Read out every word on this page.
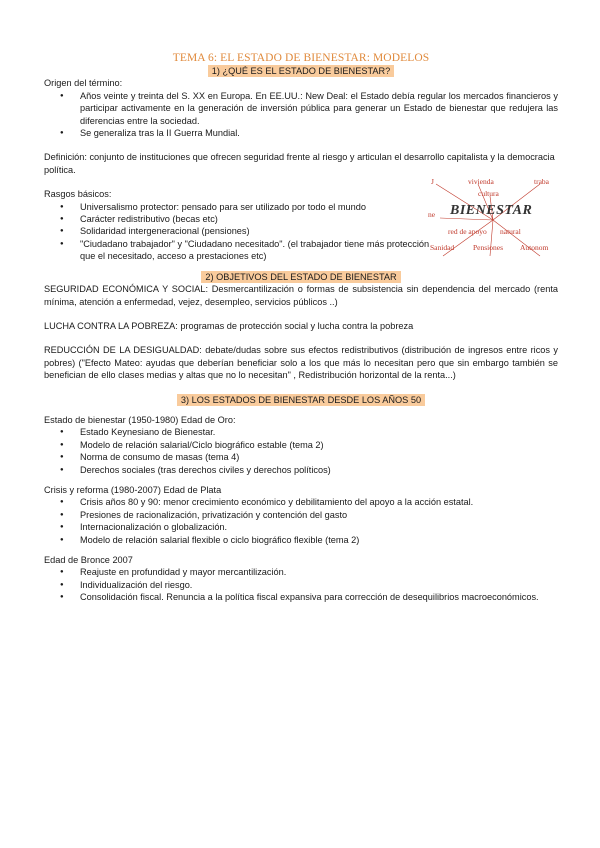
TEMA 6: EL ESTADO DE BIENESTAR: MODELOS
1) ¿QUÉ ES EL ESTADO DE BIENESTAR?
Origen del término:
● Años veinte y treinta del S. XX en Europa. En EE.UU.: New Deal: el Estado debía regular los mercados financieros y participar activamente en la generación de inversión pública para generar un Estado de bienestar que redujera las diferencias entre la sociedad.
● Se generaliza tras la II Guerra Mundial.
Definición: conjunto de instituciones que ofrecen seguridad frente al riesgo y articulan el desarrollo capitalista y la democracia política.
Rasgos básicos:
● Universalismo protector: pensado para ser utilizado por todo el mundo
● Carácter redistributivo (becas etc)
● Solidaridad intergeneracional (pensiones)
● "Ciudadano trabajador" y "Ciudadano necesitado". (el trabajador tiene más protección que el necesitado, acceso a prestaciones etc)
J	vivienda	traba
cultura
ne BIENESTAR
red de apoyo natural
Sanidad	Pensiones Autonom
2) OBJETIVOS DEL ESTADO DE BIENESTAR
SEGURIDAD ECONÓMICA Y SOCIAL: Desmercantilización o formas de subsistencia sin dependencia del mercado (renta mínima, atención a enfermedad, vejez, desempleo, servicios públicos ..)
LUCHA CONTRA LA POBREZA: programas de protección social y lucha contra la pobreza
REDUCCIÓN DE LA DESIGUALDAD: debate/dudas sobre sus efectos redistributivos (distribución de ingresos entre ricos y pobres) ("Efecto Mateo: ayudas que deberían beneficiar solo a los que más lo necesitan pero que sin embargo también se benefician de ello clases medias y altas que no lo necesitan" , Redistribución horizontal de la renta...)
3) LOS ESTADOS DE BIENESTAR DESDE LOS AÑOS 50
Estado de bienestar (1950-1980) Edad de Oro:
● Estado Keynesiano de Bienestar.
● Modelo de relación salarial/Ciclo biográfico estable (tema 2)
● Norma de consumo de masas (tema 4)
● Derechos sociales (tras derechos civiles y derechos políticos)
Crisis y reforma (1980-2007) Edad de Plata
● Crisis años 80 y 90: menor crecimiento económico y debilitamiento del apoyo a la acción estatal.
● Presiones de racionalización, privatización y contención del gasto
● Internacionalización o globalización.
● Modelo de relación salarial flexible o ciclo biográfico flexible (tema 2)
Edad de Bronce 2007
● Reajuste en profundidad y mayor mercantilización.
● Individualización del riesgo.
● Consolidación fiscal. Renuncia a la política fiscal expansiva para corrección de desequilibrios macroeconómicos.
